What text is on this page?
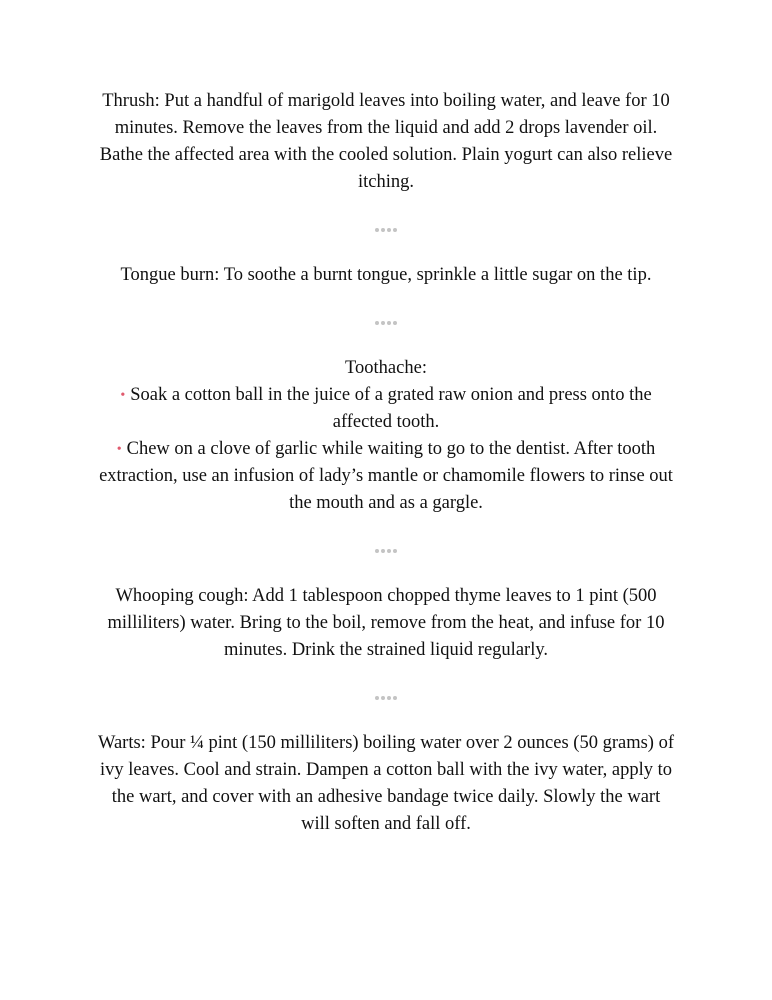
Thrush: Put a handful of marigold leaves into boiling water, and leave for 10 minutes. Remove the leaves from the liquid and add 2 drops lavender oil. Bathe the affected area with the cooled solution. Plain yogurt can also relieve itching.

Tongue burn: To soothe a burnt tongue, sprinkle a little sugar on the tip.

Toothache:
• Soak a cotton ball in the juice of a grated raw onion and press onto the affected tooth.
• Chew on a clove of garlic while waiting to go to the dentist. After tooth extraction, use an infusion of lady’s mantle or chamomile flowers to rinse out the mouth and as a gargle.

Whooping cough: Add 1 tablespoon chopped thyme leaves to 1 pint (500 milliliters) water. Bring to the boil, remove from the heat, and infuse for 10 minutes. Drink the strained liquid regularly.

Warts: Pour ¼ pint (150 milliliters) boiling water over 2 ounces (50 grams) of ivy leaves. Cool and strain. Dampen a cotton ball with the ivy water, apply to the wart, and cover with an adhesive bandage twice daily. Slowly the wart will soften and fall off.
